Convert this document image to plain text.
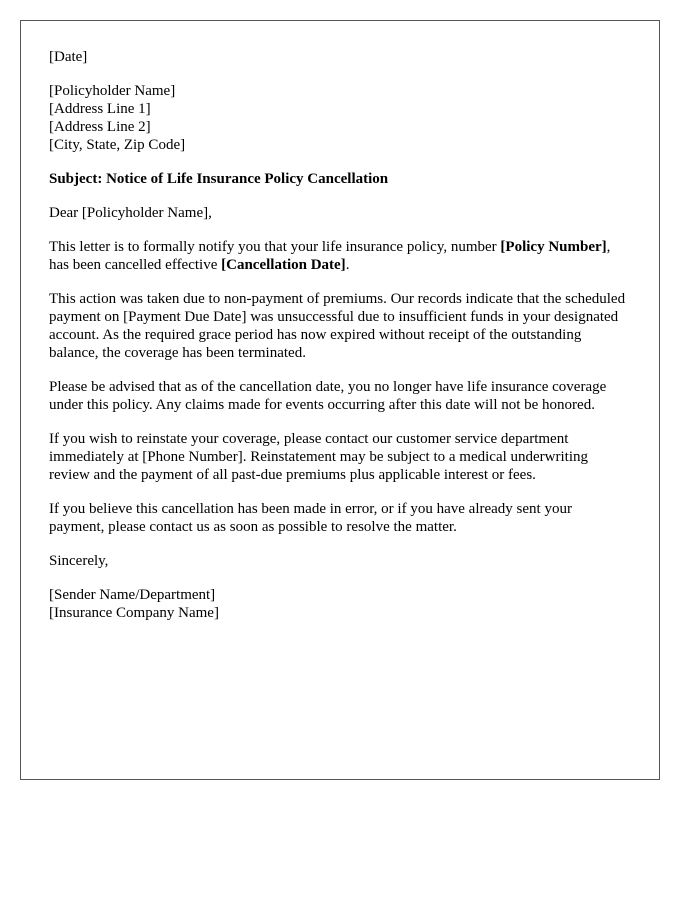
[Date]
[Policyholder Name]
[Address Line 1]
[Address Line 2]
[City, State, Zip Code]
Subject: Notice of Life Insurance Policy Cancellation
Dear [Policyholder Name],
This letter is to formally notify you that your life insurance policy, number [Policy Number], has been cancelled effective [Cancellation Date].
This action was taken due to non-payment of premiums. Our records indicate that the scheduled payment on [Payment Due Date] was unsuccessful due to insufficient funds in your designated account. As the required grace period has now expired without receipt of the outstanding balance, the coverage has been terminated.
Please be advised that as of the cancellation date, you no longer have life insurance coverage under this policy. Any claims made for events occurring after this date will not be honored.
If you wish to reinstate your coverage, please contact our customer service department immediately at [Phone Number]. Reinstatement may be subject to a medical underwriting review and the payment of all past-due premiums plus applicable interest or fees.
If you believe this cancellation has been made in error, or if you have already sent your payment, please contact us as soon as possible to resolve the matter.
Sincerely,
[Sender Name/Department]
[Insurance Company Name]
